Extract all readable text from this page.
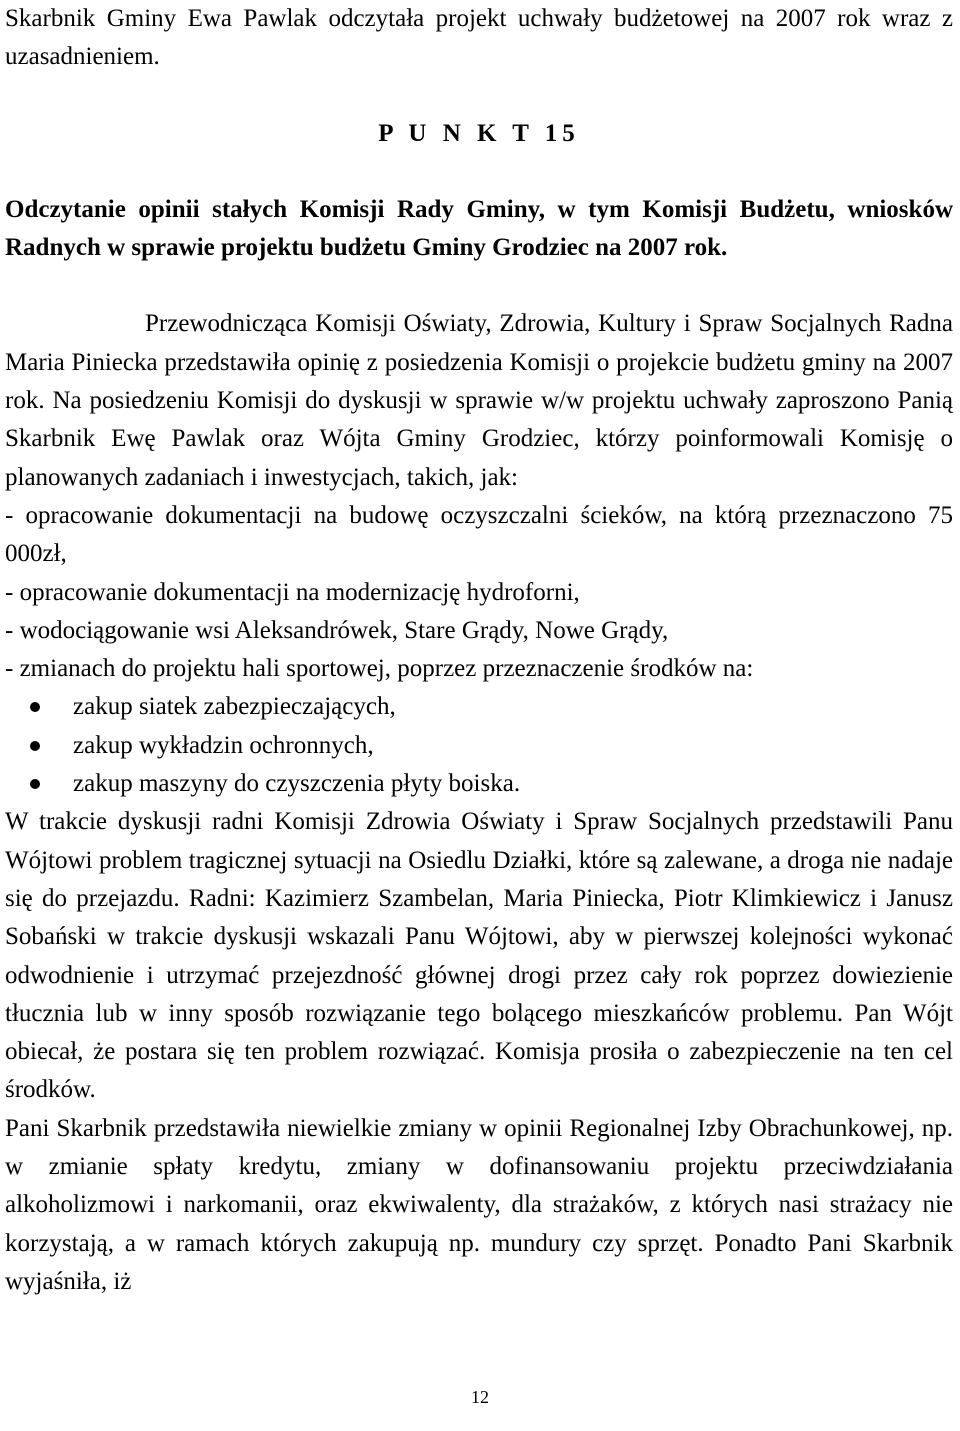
Skarbnik Gminy Ewa Pawlak odczytała projekt uchwały budżetowej na 2007 rok wraz z uzasadnieniem.

P U N K T 15

Odczytanie opinii stałych Komisji Rady Gminy, w tym Komisji Budżetu, wniosków Radnych w sprawie projektu budżetu Gminy Grodziec na 2007 rok.

Przewodnicząca Komisji Oświaty, Zdrowia, Kultury i Spraw Socjalnych Radna Maria Piniecka przedstawiła opinię z posiedzenia Komisji o projekcie budżetu gminy na 2007 rok. Na posiedzeniu Komisji do dyskusji w sprawie w/w projektu uchwały zaproszono Panią Skarbnik Ewę Pawlak oraz Wójta Gminy Grodziec, którzy poinformowali Komisję o planowanych zadaniach i inwestycjach, takich, jak:

- opracowanie dokumentacji na budowę oczyszczalni ścieków, na którą przeznaczono 75 000zł,

- opracowanie dokumentacji na modernizację hydroforni,

- wodociągowanie wsi Aleksandrówek, Stare Grądy, Nowe Grądy,

- zmianach do projektu hali sportowej, poprzez przeznaczenie środków na:

zakup siatek zabezpieczających,
zakup wykładzin ochronnych,
zakup maszyny do czyszczenia płyty boiska.

W trakcie dyskusji radni Komisji Zdrowia Oświaty i Spraw Socjalnych przedstawili Panu Wójtowi problem tragicznej sytuacji na Osiedlu Działki, które są zalewane, a droga nie nadaje się do przejazdu. Radni: Kazimierz Szambelan, Maria Piniecka, Piotr Klimkiewicz i Janusz Sobański w trakcie dyskusji wskazali Panu Wójtowi, aby w pierwszej kolejności wykonać odwodnienie i utrzymać przejezdność głównej drogi przez cały rok poprzez dowiezienie tłucznia lub w inny sposób rozwiązanie tego bolącego mieszkańców problemu. Pan Wójt obiecał, że postara się ten problem rozwiązać. Komisja prosiła o zabezpieczenie na ten cel środków.

Pani Skarbnik przedstawiła niewielkie zmiany w opinii Regionalnej Izby Obrachunkowej, np. w zmianie spłaty kredytu, zmiany w dofinansowaniu projektu przeciwdziałania alkoholizmowi i narkomanii, oraz ekwiwalenty, dla strażaków, z których nasi strażacy nie korzystają, a w ramach których zakupują np. mundury czy sprzęt. Ponadto Pani Skarbnik wyjaśniła, iż

12
